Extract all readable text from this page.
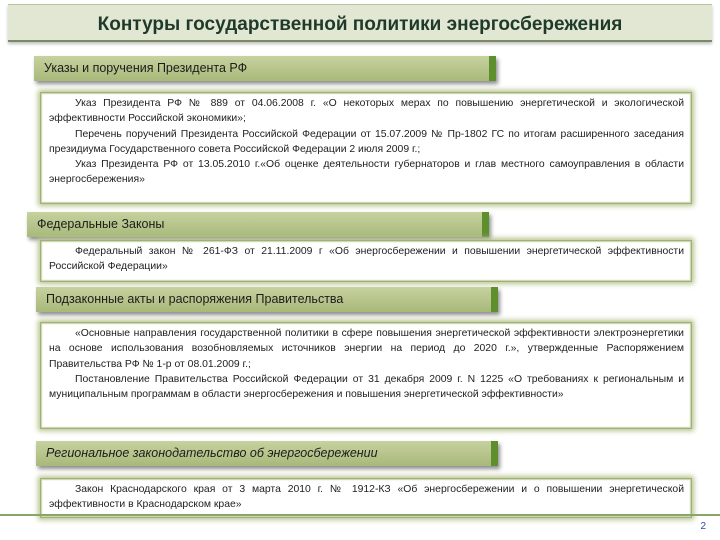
Контуры государственной политики энергосбережения
Указы и поручения Президента РФ

Указ Президента РФ № 889 от 04.06.2008 г. «О некоторых мерах по повышению энергетической и экологической эффективности Российской экономики»;

Перечень поручений Президента Российской Федерации от 15.07.2009 № Пр-1802 ГС по итогам расширенного заседания президиума Государственного совета Российской Федерации 2 июля 2009 г.;

Указ Президента РФ от 13.05.2010 г.«Об оценке деятельности губернаторов и глав местного самоуправления в области энергосбережения»

Федеральные Законы

Федеральный закон № 261-ФЗ от 21.11.2009 г «Об энергосбережении и повышении энергетической эффективности Российской Федерации»

Подзаконные акты и распоряжения Правительства

«Основные направления государственной политики в сфере повышения энергетической эффективности электроэнергетики на основе использования возобновляемых источников энергии на период до 2020 г.», утвержденные Распоряжением Правительства РФ № 1-р от 08.01.2009 г.;

Постановление Правительства Российской Федерации от 31 декабря 2009 г. N 1225 «О требованиях к региональным и муниципальным программам в области энергосбережения и повышения энергетической эффективности»

Региональное законодательство об энергосбережении

Закон Краснодарского края от 3 марта 2010 г. № 1912-КЗ «Об энергосбережении и о повышении энергетической эффективности в Краснодарском крае»

2
